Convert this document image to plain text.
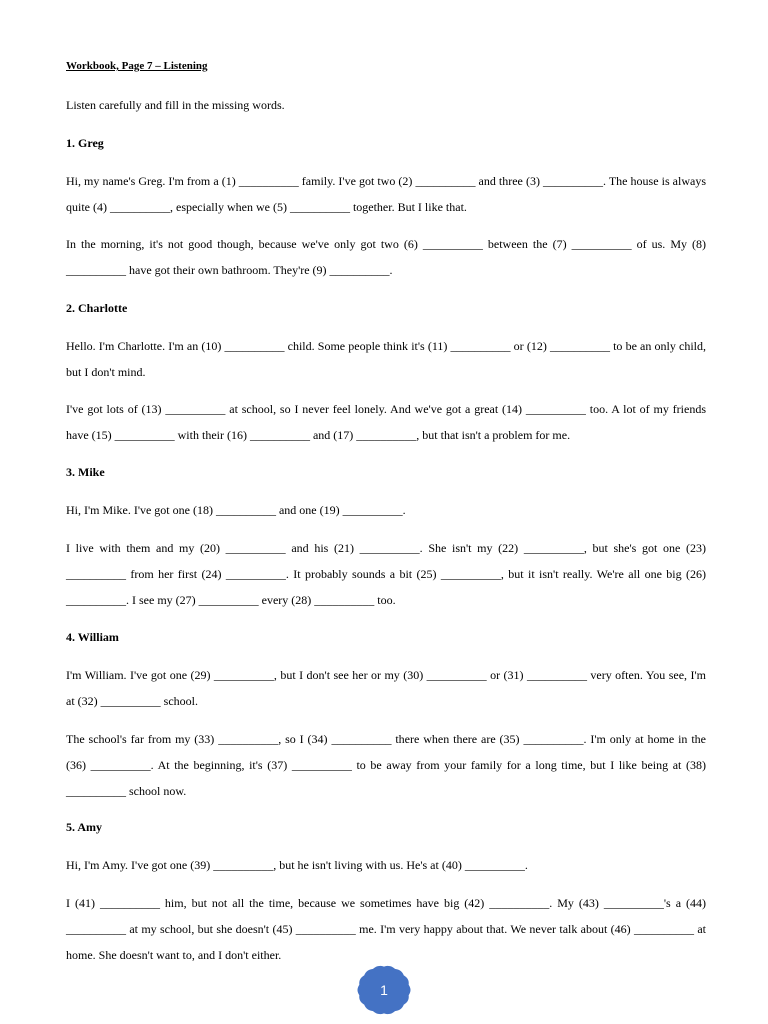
Workbook, Page 7 – Listening
Listen carefully and fill in the missing words.
1. Greg
Hi, my name's Greg. I'm from a (1) __________ family. I've got two (2) __________ and three (3) __________. The house is always quite (4) __________, especially when we (5) __________ together. But I like that.
In the morning, it's not good though, because we've only got two (6) __________ between the (7) __________ of us. My (8) __________ have got their own bathroom. They're (9) __________.
2. Charlotte
Hello. I'm Charlotte. I'm an (10) __________ child. Some people think it's (11) __________ or (12) __________ to be an only child, but I don't mind.
I've got lots of (13) __________ at school, so I never feel lonely. And we've got a great (14) __________ too. A lot of my friends have (15) __________ with their (16) __________ and (17) __________, but that isn't a problem for me.
3. Mike
Hi, I'm Mike. I've got one (18) __________ and one (19) __________.
I live with them and my (20) __________ and his (21) __________. She isn't my (22) __________, but she's got one (23) __________ from her first (24) __________. It probably sounds a bit (25) __________, but it isn't really. We're all one big (26) __________. I see my (27) __________ every (28) __________ too.
4. William
I'm William. I've got one (29) __________, but I don't see her or my (30) __________ or (31) __________ very often. You see, I'm at (32) __________ school.
The school's far from my (33) __________, so I (34) __________ there when there are (35) __________. I'm only at home in the (36) __________. At the beginning, it's (37) __________ to be away from your family for a long time, but I like being at (38) __________ school now.
5. Amy
Hi, I'm Amy. I've got one (39) __________, but he isn't living with us. He's at (40) __________.
I (41) __________ him, but not all the time, because we sometimes have big (42) __________. My (43) __________'s a (44) __________ at my school, but she doesn't (45) __________ me. I'm very happy about that. We never talk about (46) __________ at home. She doesn't want to, and I don't either.
1
